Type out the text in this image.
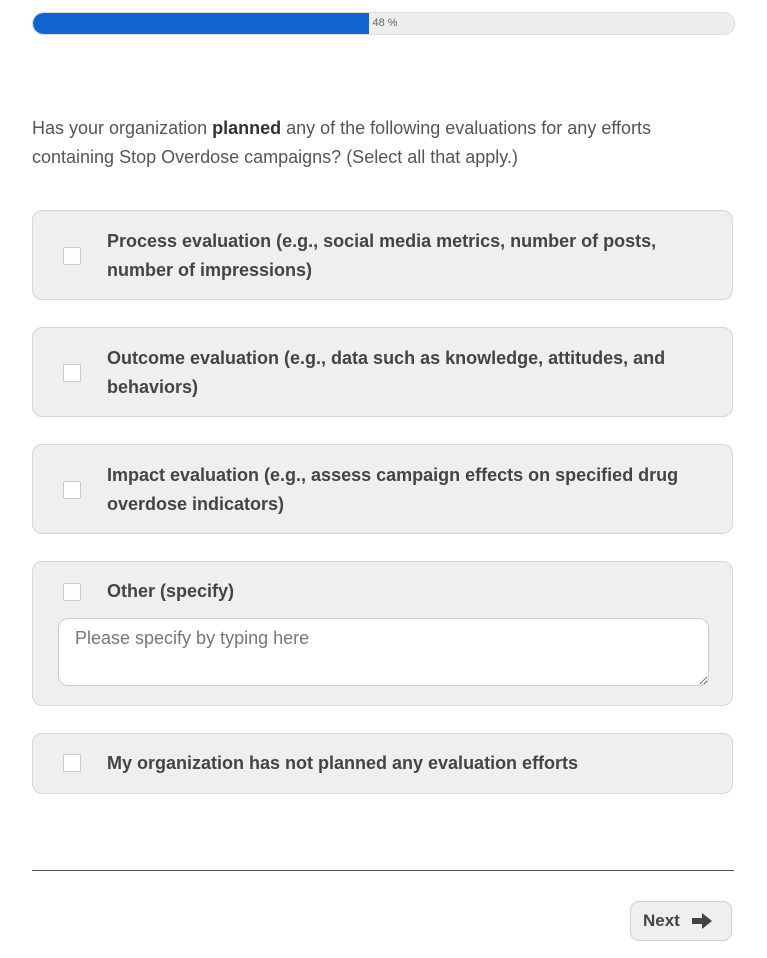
48 %
Has your organization planned any of the following evaluations for any efforts containing Stop Overdose campaigns? (Select all that apply.)
Process evaluation (e.g., social media metrics, number of posts, number of impressions)
Outcome evaluation (e.g., data such as knowledge, attitudes, and behaviors)
Impact evaluation (e.g., assess campaign effects on specified drug overdose indicators)
Other (specify)
Please specify by typing here
My organization has not planned any evaluation efforts
Next
